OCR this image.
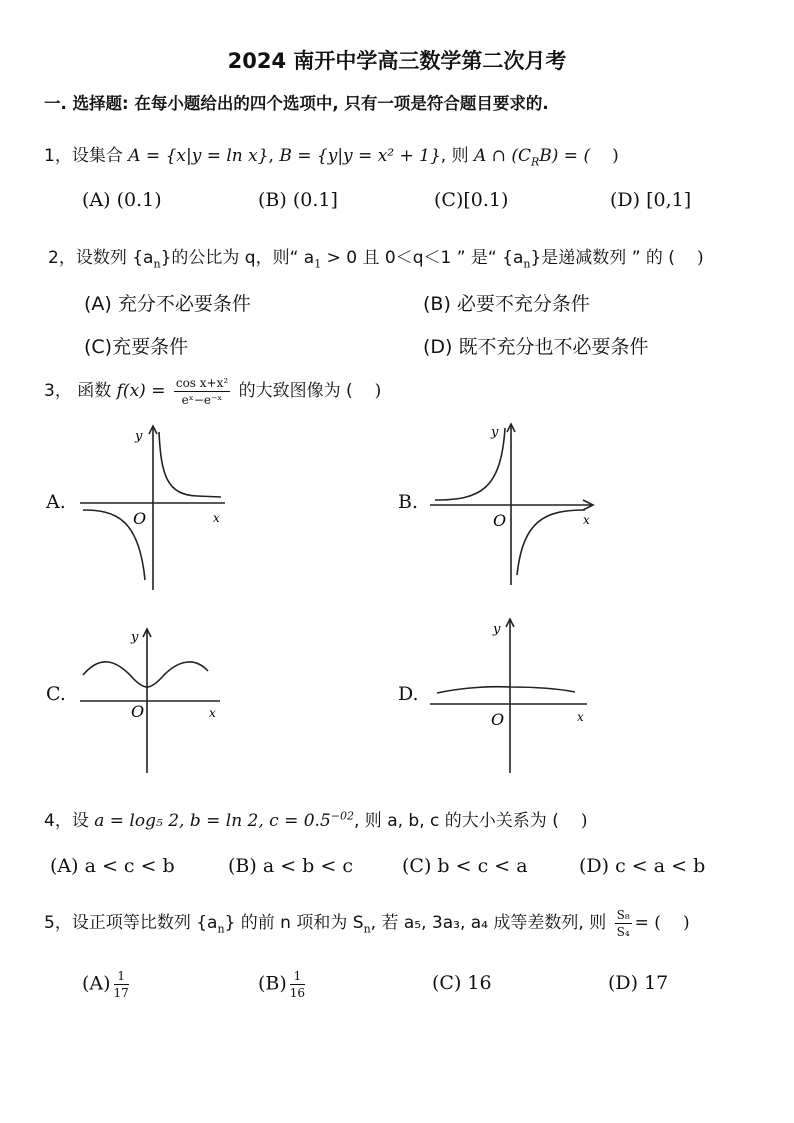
2024 南开中学高三数学第二次月考
一. 选择题: 在每小题给出的四个选项中, 只有一项是符合题目要求的.
1，设集合 A = {x|y = ln x}, B = {y|y = x² + 1}, 则 A ∩ $(C_RB)$ = ( )
(A) (0.1)	(B) (0.1]	(C)[0.1)	(D) [0,1]
2，设数列 $\{a_n\}$的公比为 q，则“ $a_1 > 0$ 且 0＜q＜1 ” 是“ $\{a_n\}$是递减数列 ” 的 ( )
(A) 充分不必要条件	(B) 必要不充分条件
(C)充要条件	(D) 既不充分也不必要条件
3， 函数 $f(x) = \frac{\text{cos x+x²}}{\text{eˣ−e⁻ˣ}}$ 的大致图像为 ( )
A.	B.
C.	D.
y
x
O
y
x
O
y
x
O
y
x
O
4，设 a = log₅ 2, b = ln 2, $c = 0.5^{-02}$, 则 a, b, c 的大小关系为 ( )
(A) a < c < b	(B) a < b < c	(C) b < c < a	(D) c < a < b
5，设正项等比数列 $\{a_n\}$ 的前 n 项和为 $S_n$, 若 a₅, 3a₃, a₄ 成等差数列, 则 $\frac{\text{S₈}}{\text{S₄}}$ = ( )
$(A) \frac{1}{17}$	$(B) \frac{1}{16}$	(C) 16	(D) 17
